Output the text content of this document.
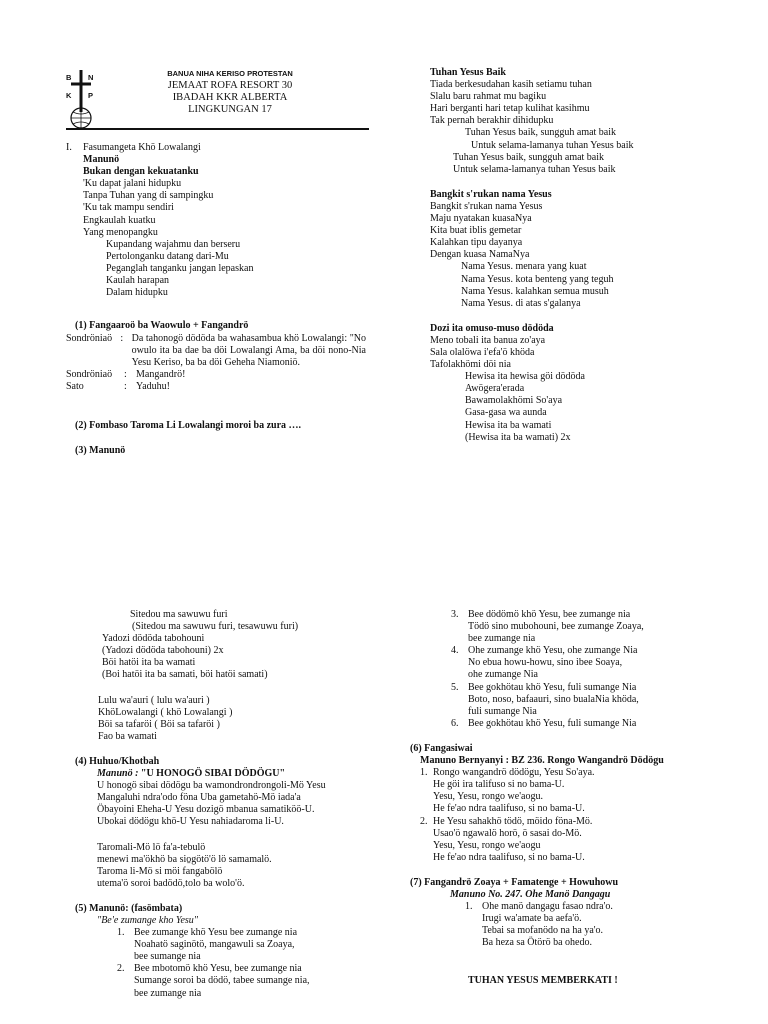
B N
K P
BANUA NIHA KERISO PROTESTAN
JEMAAT ROFA RESORT 30
IBADAH KKR ALBERTA
LINGKUNGAN 17
I.	Fasumangeta Khö Lowalangi
Manunö
Bukan dengan kekuatanku
'Ku dapat jalani hidupku
Tanpa Tuhan yang di sampingku
'Ku tak mampu sendiri
Engkaulah kuatku
Yang menopangku
Kupandang wajahmu dan berseru
Pertolonganku datang dari-Mu
Peganglah tanganku jangan lepaskan
Kaulah harapan
Dalam hidupku
(1) Fangaaroö ba Waowulo + Fangandrö
Sondröniaö : Da tahonogö dödöda ba wahasambua khö Lowalangi: "No owulo ita ba dae ba döi Lowalangi Ama, ba döi nono-Nia Yesu Keriso, ba ba döi Geheha Niamoniö.
Sondröniaö	: Mangandrö!
Sato	: Yaduhu!
(2) Fombaso Taroma Li Lowalangi moroi ba zura ….
(3) Manunö
Tuhan Yesus Baik
Tiada berkesudahan kasih setiamu tuhan
Slalu baru rahmat mu bagiku
Hari berganti hari tetap kulihat kasihmu
Tak pernah berakhir dihidupku
Tuhan Yesus baik, sungguh amat baik
Untuk selama-lamanya tuhan Yesus baik
Tuhan Yesus baik, sungguh amat baik
Untuk selama-lamanya tuhan Yesus baik
Bangkit s'rukan nama Yesus
Bangkit s'rukan nama Yesus
Maju nyatakan kuasaNya
Kita buat iblis gemetar
Kalahkan tipu dayanya
Dengan kuasa NamaNya
Nama Yesus. menara yang kuat
Nama Yesus. kota benteng yang teguh
Nama Yesus. kalahkan semua musuh
Nama Yesus. di atas s'galanya
Dozi ita omuso-muso dödöda
Meno tobali ita banua zo'aya
Sala olalöwa i'efa'ö khöda
Tafolakhömi döi nia
Hewisa ita hewisa göi dödöda
Awögera'erada
Bawamolakhömi So'aya
Gasa-gasa wa aunda
Hewisa ita ba wamati
(Hewisa ita ba wamati) 2x
Sitedou ma sawuwu furi
(Sitedou ma sawuwu furi, tesawuwu furi)
Yadozi dödöda tabohouni
(Yadozi dödöda tabohouni) 2x
Böi hatöi ita ba wamati
(Boi hatöi ita ba samati, böi hatöi samati)
Lulu wa'auri ( lulu wa'auri )
KhöLowalangi ( khö Lowalangi )
Böi sa tafaröi ( Böi sa tafaröi )
Fao ba wamati
(4) Huhuo/Khotbah
Manunö : "U HONOGÖ SIBAI DÖDÖGU"
U honogö sibai dödögu ba wamondrondrongoli-Mö Yesu
Mangaluhi ndra'odo föna Uba gametahö-Mö iada'a
Öbayoini Eheha-U Yesu dozigö mbanua samatiköö-U.
Ubokai dödögu khö-U Yesu nahiadaroma li-U.
Taromali-Mö lö fa'a-tebulö
menewi ma'ökhö ba sio̱götö'ö lö samamalö.
Taroma li-Mö si möi fangabölö
utema'ö soroi badödö,tolo ba wolo'ö.
(5) Manunö: (fasömbata)
"Be'e zumange kho Yesu"
1. Bee zumange khö Yesu bee zumange nia
Noahatö saginötö, mangawuli sa Zoaya,
bee sumange nia
2. Bee mbotomö khö Yesu, bee zumange nia
Sumange soroi ba dödö, tabee sumange nia,
bee zumange nia
3. Bee dödömö khö Yesu, bee zumange nia
Tödö sino mubohouni, bee zumange Zoaya,
bee zumange nia
4. Ohe zumange khö Yesu, ohe zumange Nia
No ebua howu-howu, sino ibee Soaya,
ohe zumange Nia
5. Bee gokhötau khö Yesu, fuli sumange Nia
Boto, noso, bafaauri, sino bualaNia khöda,
fuli sumange Nia
6. Bee gokhötau khö Yesu, fuli sumange Nia
(6) Fangasiwai
Manuno Bernyanyi : BZ 236. Rongo Wangandrö Dödögu
1. Rongo wangandrö dödögu, Yesu So'aya.
He göi ira talifuso si no bama-U.
Yesu, Yesu, rongo we'aogu.
He fe'ao ndra taalifuso, si no bama-U.
2. He Yesu sahakhö tödö, möido föna-Mö.
Usao'ö ngawalö horö, ö sasai do-Mö.
Yesu, Yesu, rongo we'aogu
He fe'ao ndra taalifuso, si no bama-U.
(7) Fangandrö Zoaya + Famatenge + Howuhowu
Manuno No. 247. Ohe Manö Dangagu
1. Ohe manö dangagu fasao ndra'o.
Irugi wa'amate ba aefa'ö.
Tebai sa mofanödo na ha ya'o.
Ba heza sa Ötörö ba ohedo.
TUHAN YESUS MEMBERKATI !
